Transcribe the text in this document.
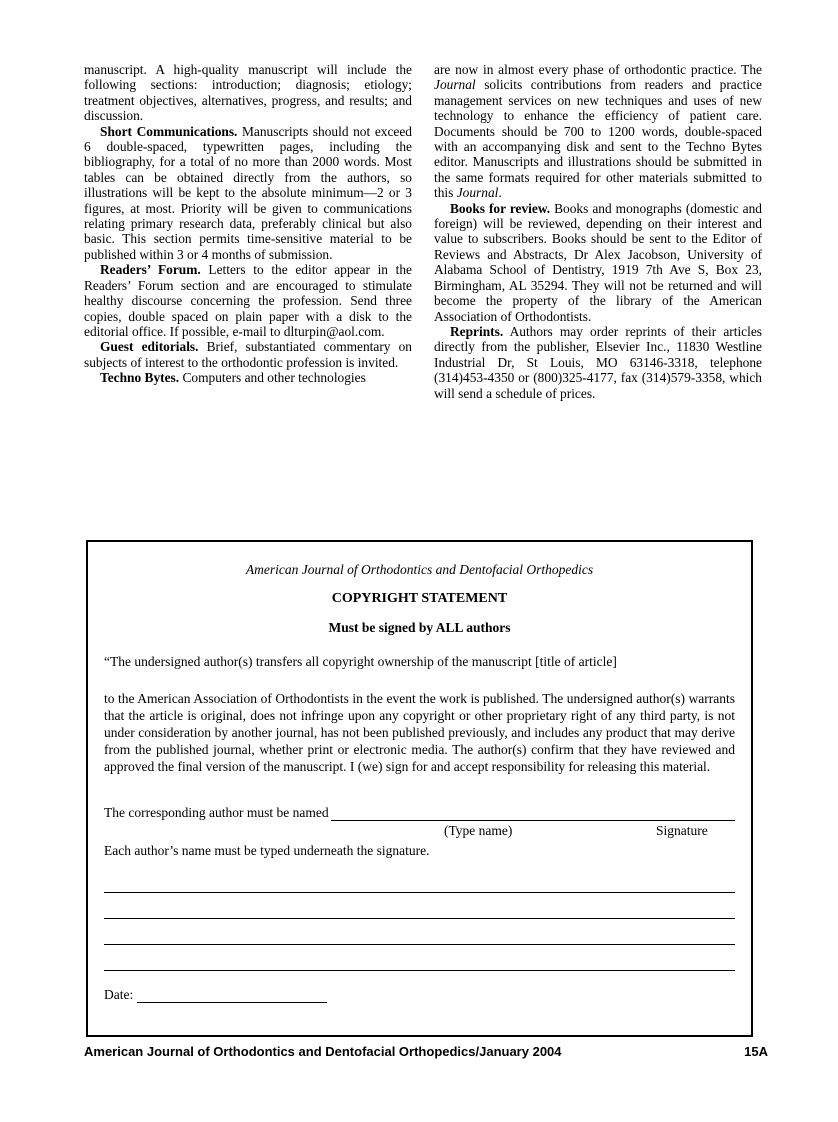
manuscript. A high-quality manuscript will include the following sections: introduction; diagnosis; etiology; treatment objectives, alternatives, progress, and results; and discussion.

Short Communications. Manuscripts should not exceed 6 double-spaced, typewritten pages, including the bibliography, for a total of no more than 2000 words. Most tables can be obtained directly from the authors, so illustrations will be kept to the absolute minimum—2 or 3 figures, at most. Priority will be given to communications relating primary research data, preferably clinical but also basic. This section permits time-sensitive material to be published within 3 or 4 months of submission.

Readers’ Forum. Letters to the editor appear in the Readers’ Forum section and are encouraged to stimulate healthy discourse concerning the profession. Send three copies, double spaced on plain paper with a disk to the editorial office. If possible, e-mail to dlturpin@aol.com.

Guest editorials. Brief, substantiated commentary on subjects of interest to the orthodontic profession is invited.

Techno Bytes. Computers and other technologies

are now in almost every phase of orthodontic practice. The Journal solicits contributions from readers and practice management services on new techniques and uses of new technology to enhance the efficiency of patient care. Documents should be 700 to 1200 words, double-spaced with an accompanying disk and sent to the Techno Bytes editor. Manuscripts and illustrations should be submitted in the same formats required for other materials submitted to this Journal.

Books for review. Books and monographs (domestic and foreign) will be reviewed, depending on their interest and value to subscribers. Books should be sent to the Editor of Reviews and Abstracts, Dr Alex Jacobson, University of Alabama School of Dentistry, 1919 7th Ave S, Box 23, Birmingham, AL 35294. They will not be returned and will become the property of the library of the American Association of Orthodontists.

Reprints. Authors may order reprints of their articles directly from the publisher, Elsevier Inc., 11830 Westline Industrial Dr, St Louis, MO 63146-3318, telephone (314)453-4350 or (800)325-4177, fax (314)579-3358, which will send a schedule of prices.

American Journal of Orthodontics and Dentofacial Orthopedics
COPYRIGHT STATEMENT
Must be signed by ALL authors
“The undersigned author(s) transfers all copyright ownership of the manuscript [title of article]
to the American Association of Orthodontists in the event the work is published. The undersigned author(s) warrants that the article is original, does not infringe upon any copyright or other proprietary right of any third party, is not under consideration by another journal, has not been published previously, and includes any product that may derive from the published journal, whether print or electronic media. The author(s) confirm that they have reviewed and approved the final version of the manuscript. I (we) sign for and accept responsibility for releasing this material.
The corresponding author must be named
(Type name)	Signature
Each author’s name must be typed underneath the signature.
Date:
American Journal of Orthodontics and Dentofacial Orthopedics/January 2004	15A
